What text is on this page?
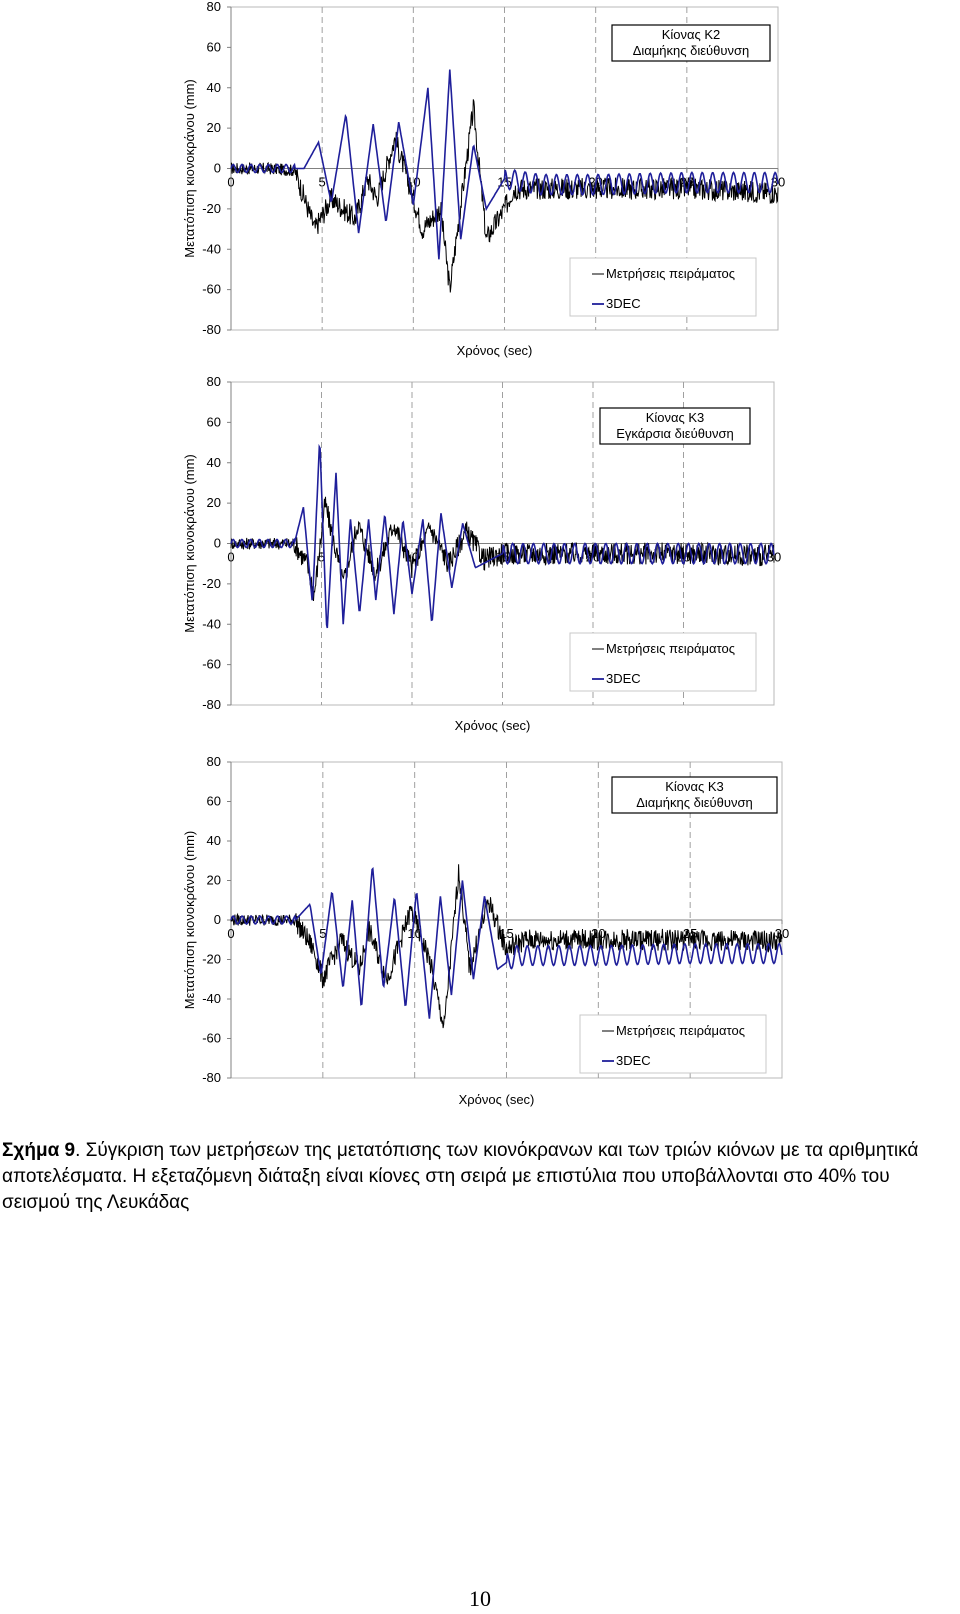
80
60
40
20
0
-20
-40
-60
-80
0	5	10	15	20	25	30
Κίονας Κ2
Διαμήκης διεύθυνση
Μετρήσεις πειράματος
3DEC
Χρόνος (sec)
Μετατόπιση κιονοκράνου (mm)
80
60
40
20
0
-20
-40
-60
-80
0	5	10	15	20	25	30
Κίονας Κ3
Εγκάρσια διεύθυνση
Μετρήσεις πειράματος
3DEC
Χρόνος (sec)
Μετατόπιση κιονοκράνου (mm)
80
60
40
20
0
-20
-40
-60
-80
0	5	10	15	20	25	30
Κίονας Κ3
Διαμήκης διεύθυνση
Μετρήσεις πειράματος
3DEC
Χρόνος (sec)
Μετατόπιση κιονοκράνου (mm)
Σχήμα 9. Σύγκριση των μετρήσεων της μετατόπισης των κιονόκρανων και των τριών κιόνων με τα αριθμητικά αποτελέσματα. Η εξεταζόμενη διάταξη είναι κίονες στη σειρά με επιστύλια που υποβάλλονται στο 40% του σεισμού της Λευκάδας
10
